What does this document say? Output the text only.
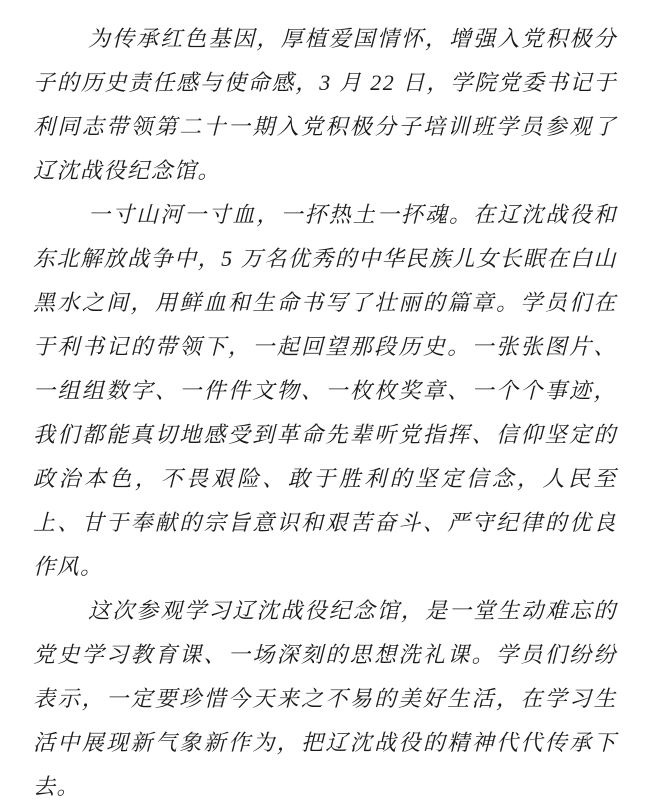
为传承红色基因，厚植爱国情怀，增强入党积极分子的历史责任感与使命感，3 月 22 日，学院党委书记于利同志带领第二十一期入党积极分子培训班学员参观了辽沈战役纪念馆。

一寸山河一寸血，一抔热土一抔魂。在辽沈战役和东北解放战争中，5 万名优秀的中华民族儿女长眠在白山黑水之间，用鲜血和生命书写了壮丽的篇章。学员们在于利书记的带领下，一起回望那段历史。一张张图片、一组组数字、一件件文物、一枚枚奖章、一个个事迹，我们都能真切地感受到革命先辈听党指挥、信仰坚定的政治本色，不畏艰险、敢于胜利的坚定信念，人民至上、甘于奉献的宗旨意识和艰苦奋斗、严守纪律的优良作风。

这次参观学习辽沈战役纪念馆，是一堂生动难忘的党史学习教育课、一场深刻的思想洗礼课。学员们纷纷表示，一定要珍惜今天来之不易的美好生活，在学习生活中展现新气象新作为，把辽沈战役的精神代代传承下去。
